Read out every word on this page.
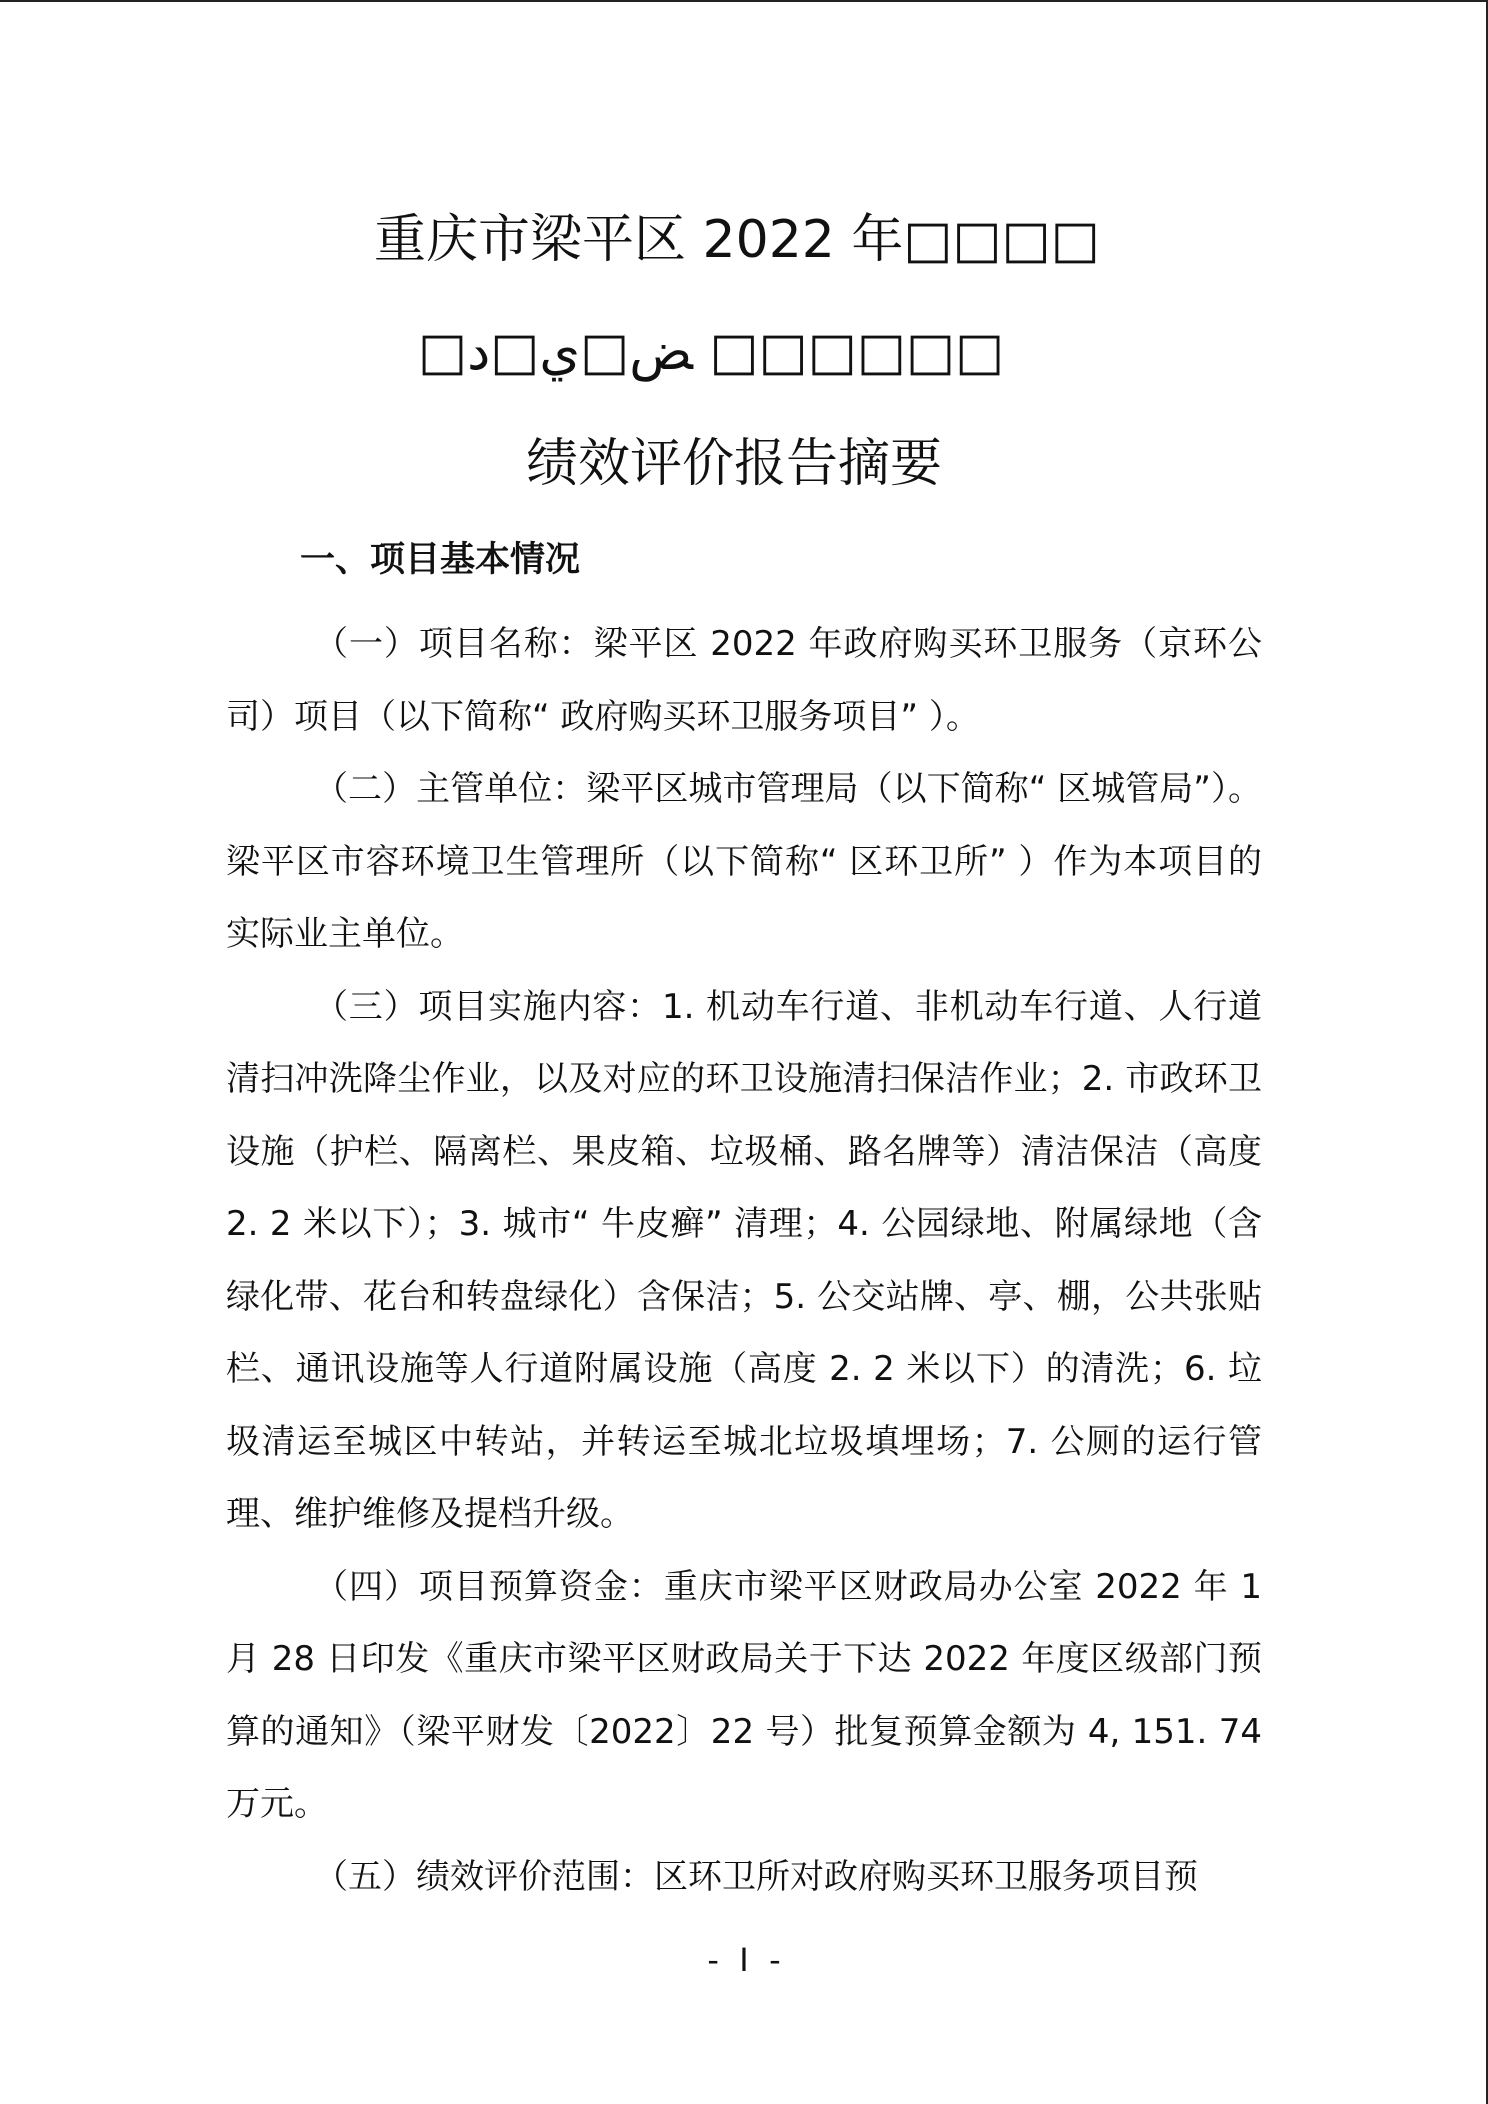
重庆市梁平区 2022 年□□□□
□ﺾ□ﻱ□د □□□□□□
绩效评价报告摘要
一、项目基本情况

（一）项目名称：梁平区 2022 年政府购买环卫服务（京环公司）项目（以下简称“ 政府购买环卫服务项目” ）。

（二）主管单位：梁平区城市管理局（以下简称“ 区城管局”）。梁平区市容环境卫生管理所（以下简称“ 区环卫所” ）作为本项目的实际业主单位。

（三）项目实施内容：1. 机动车行道、非机动车行道、人行道清扫冲洗降尘作业，以及对应的环卫设施清扫保洁作业；2. 市政环卫设施（护栏、隔离栏、果皮箱、垃圾桶、路名牌等）清洁保洁（高度 2. 2 米以下）；3. 城市“ 牛皮癣” 清理；4. 公园绿地、附属绿地（含绿化带、花台和转盘绿化）含保洁；5. 公交站牌、亭、棚，公共张贴栏、通讯设施等人行道附属设施（高度 2. 2 米以下）的清洗；6. 垃圾清运至城区中转站，并转运至城北垃圾填埋场；7. 公厕的运行管理、维护维修及提档升级。

（四）项目预算资金：重庆市梁平区财政局办公室 2022 年 1 月 28 日印发《重庆市梁平区财政局关于下达 2022 年度区级部门预算的通知》（梁平财发〔2022〕22 号）批复预算金额为 4, 151. 74 万元。

（五）绩效评价范围：区环卫所对政府购买环卫服务项目预

-  I  -
